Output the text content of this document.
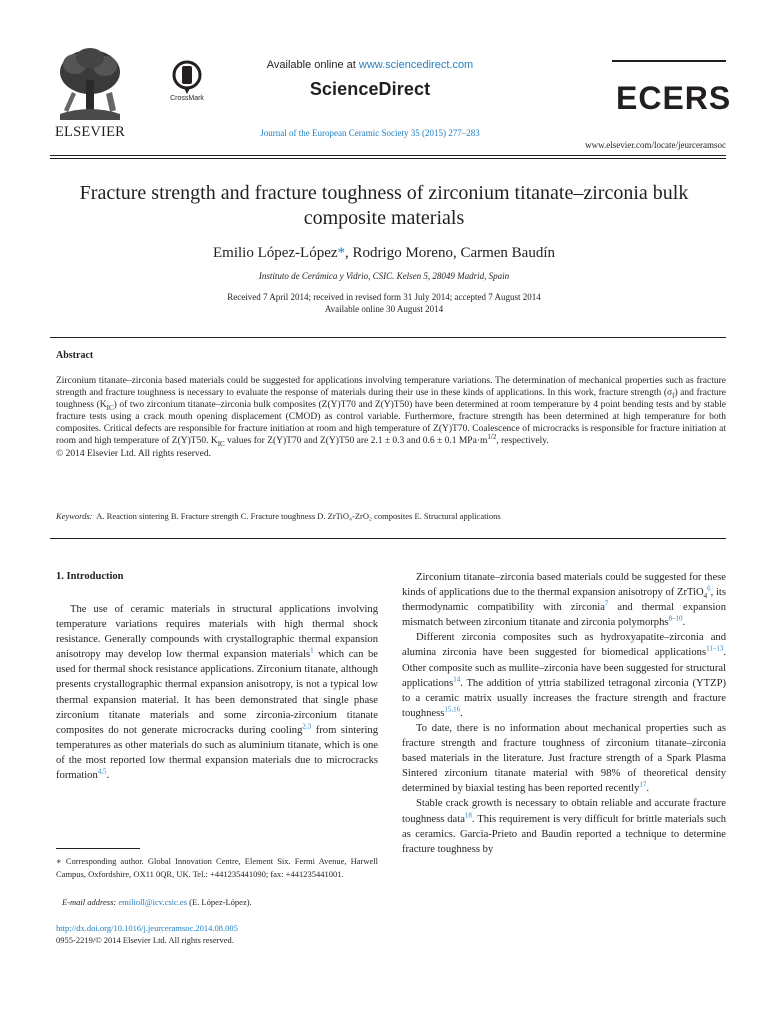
ELSEVIER
CrossMark
Available online at www.sciencedirect.com
ScienceDirect
Journal of the European Ceramic Society 35 (2015) 277–283
ECERS
www.elsevier.com/locate/jeurceramsoc
Fracture strength and fracture toughness of zirconium titanate–zirconia bulk composite materials
Emilio López-López*, Rodrigo Moreno, Carmen Baudín
Instituto de Cerámica y Vidrio, CSIC. Kelsen 5, 28049 Madrid, Spain
Received 7 April 2014; received in revised form 31 July 2014; accepted 7 August 2014
Available online 30 August 2014
Abstract
Zirconium titanate–zirconia based materials could be suggested for applications involving temperature variations. The determination of mechanical properties such as fracture strength and fracture toughness is necessary to evaluate the response of materials during their use in these kinds of applications. In this work, fracture strength $(\sigma_f)$ and fracture toughness $(K_{IC})$ of two zirconium titanate–zirconia bulk composites (Z(Y)T70 and Z(Y)T50) have been determined at room temperature by 4 point bending tests and by stable fracture tests using a crack mouth opening displacement (CMOD) as control variable. Furthermore, fracture strength has been determined at high temperature for both composites. Critical defects are responsible for fracture initiation at room and high temperature of Z(Y)T70. Coalescence of microcracks is responsible for fracture initiation at room and high temperature of Z(Y)T50. $K_{IC}$ values for Z(Y)T70 and Z(Y)T50 are 2.1 ± 0.3 and 0.6 ± 0.1 $MPa\cdot m^{1/2}$, respectively.
© 2014 Elsevier Ltd. All rights reserved.
Keywords: A. Reaction sintering B. Fracture strength C. Fracture toughness D. ZrTiO₄-ZrO₂ composites E. Structural applications
1. Introduction
The use of ceramic materials in structural applications involving temperature variations requires materials with high thermal shock resistance. Generally compounds with crystallographic thermal expansion anisotropy may develop low thermal expansion materials$^1$ which can be used for thermal shock resistance applications. Zirconium titanate, although presents crystallographic thermal expansion anisotropy, is not a typical low thermal expansion material. It has been demonstrated that single phase zirconium titanate materials and some zirconia-zirconium titanate composites do not generate microcracks during cooling$^{2,3}$ from sintering temperatures as other materials do such as aluminium titanate, which is one of the most reported low thermal expansion materials due to microcracks formation$^{4,5}$.
∗ Corresponding author. Global Innovation Centre, Element Six. Fermi Avenue, Harwell Campus, Oxfordshire, OX11 0QR, UK. Tel.: +441235441090; fax: +441235441001.
E-mail address: emilioll@icv.csic.es (E. López-López).
http://dx.doi.org/10.1016/j.jeurceramsoc.2014.08.005
0955-2219/© 2014 Elsevier Ltd. All rights reserved.

Zirconium titanate–zirconia based materials could be suggested for these kinds of applications due to the thermal expansion anisotropy of ZrTiO$_4^6$, its thermodynamic compatibility with zirconia$^7$ and thermal expansion mismatch between zirconium titanate and zirconia polymorphs$^{8-10}$.

Different zirconia composites such as hydroxyapatite–zirconia and alumina zirconia have been suggested for biomedical applications$^{11-13}$. Other composite such as mullite–zirconia have been suggested for structural applications$^{14}$. The addition of yttria stabilized tetragonal zirconia (YTZP) to a ceramic matrix usually increases the fracture strength and fracture toughness$^{15,16}$.

To date, there is no information about mechanical properties such as fracture strength and fracture toughness of zirconium titanate–zirconia based materials in the literature. Just fracture strength of a Spark Plasma Sintered zirconium titanate material with 98% of theoretical density determined by biaxial testing has been reported recently$^{17}$.

Stable crack growth is necessary to obtain reliable and accurate fracture toughness data$^{18}$. This requirement is very difficult for brittle materials such as ceramics. Garcia-Prieto and Baudin reported a technique to determine fracture toughness by
